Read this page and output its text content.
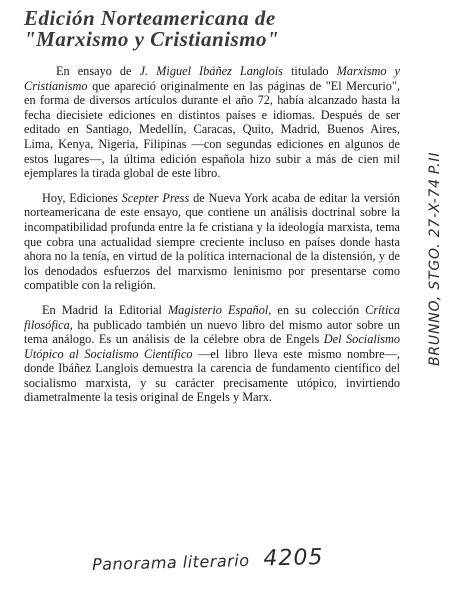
Edición Norteamericana de
"Marxismo y Cristianismo"

En ensayo de J. Miguel Ibáñez Langlois titulado Marxismo y Cristianismo que apareció originalmente en las páginas de "El Mercurio", en forma de diversos artículos durante el año 72, había alcanzado hasta la fecha diecisiete ediciones en distintos países e idiomas. Después de ser editado en Santiago, Medellín, Caracas, Quito, Madrid, Buenos Aires, Lima, Kenya, Nigeria, Filipinas —con segundas ediciones en algunos de estos lugares—, la última edición española hizo subir a más de cien mil ejemplares la tirada global de este libro.

Hoy, Ediciones Scepter Press de Nueva York acaba de editar la versión norteamericana de este ensayo, que contiene un análisis doctrinal sobre la incompatibilidad profunda entre la fe cristiana y la ideología marxista, tema que cobra una actualidad siempre creciente incluso en países donde hasta ahora no la tenía, en virtud de la política internacional de la distensión, y de los denodados esfuerzos del marxismo leninismo por presentarse como compatible con la religión.

En Madrid la Editorial Magisterio Español, en su colección Crítica filosófica, ha publicado también un nuevo libro del mismo autor sobre un tema análogo. Es un análisis de la célebre obra de Engels Del Socialismo Utópico al Socialismo Científico —el libro lleva este mismo nombre—, donde Ibáñez Langlois demuestra la carencia de fundamento científico del socialismo marxista, y su carácter precisamente utópico, invirtiendo diametralmente la tesis original de Engels y Marx.

Panorama literario 4205
BRUNNO, STGO. 27-X-74P.II
